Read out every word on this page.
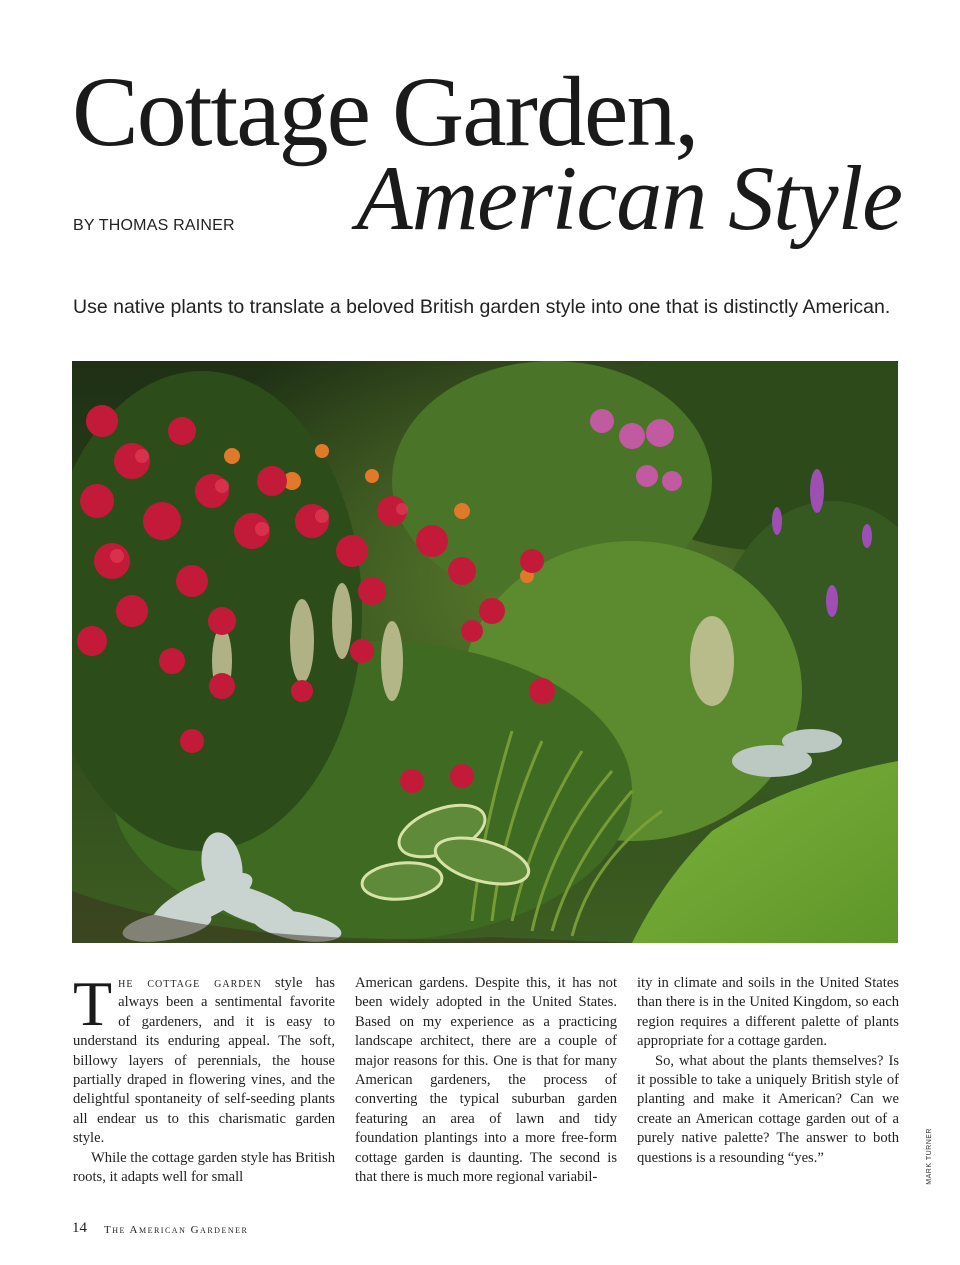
Cottage Garden,
American Style
BY THOMAS RAINER
Use native plants to translate a beloved British garden style into one that is distinctly American.

The cottage garden style has always been a sentimental favorite of gardeners, and it is easy to understand its enduring appeal. The soft, billowy layers of perennials, the house partially draped in flowering vines, and the delightful spontaneity of self-seeding plants all endear us to this charismatic garden style.

While the cottage garden style has British roots, it adapts well for small

American gardens. Despite this, it has not been widely adopted in the United States. Based on my experience as a practicing landscape architect, there are a couple of major reasons for this. One is that for many American gardeners, the process of converting the typical suburban garden featuring an area of lawn and tidy foundation plantings into a more free-form cottage garden is daunting. The second is that there is much more regional variabil-

ity in climate and soils in the United States than there is in the United Kingdom, so each region requires a different palette of plants appropriate for a cottage garden.

So, what about the plants themselves? Is it possible to take a uniquely British style of planting and make it American? Can we create an American cottage garden out of a purely native palette? The answer to both questions is a resounding “yes.”	MARK TURNER
14 The American Gardener
